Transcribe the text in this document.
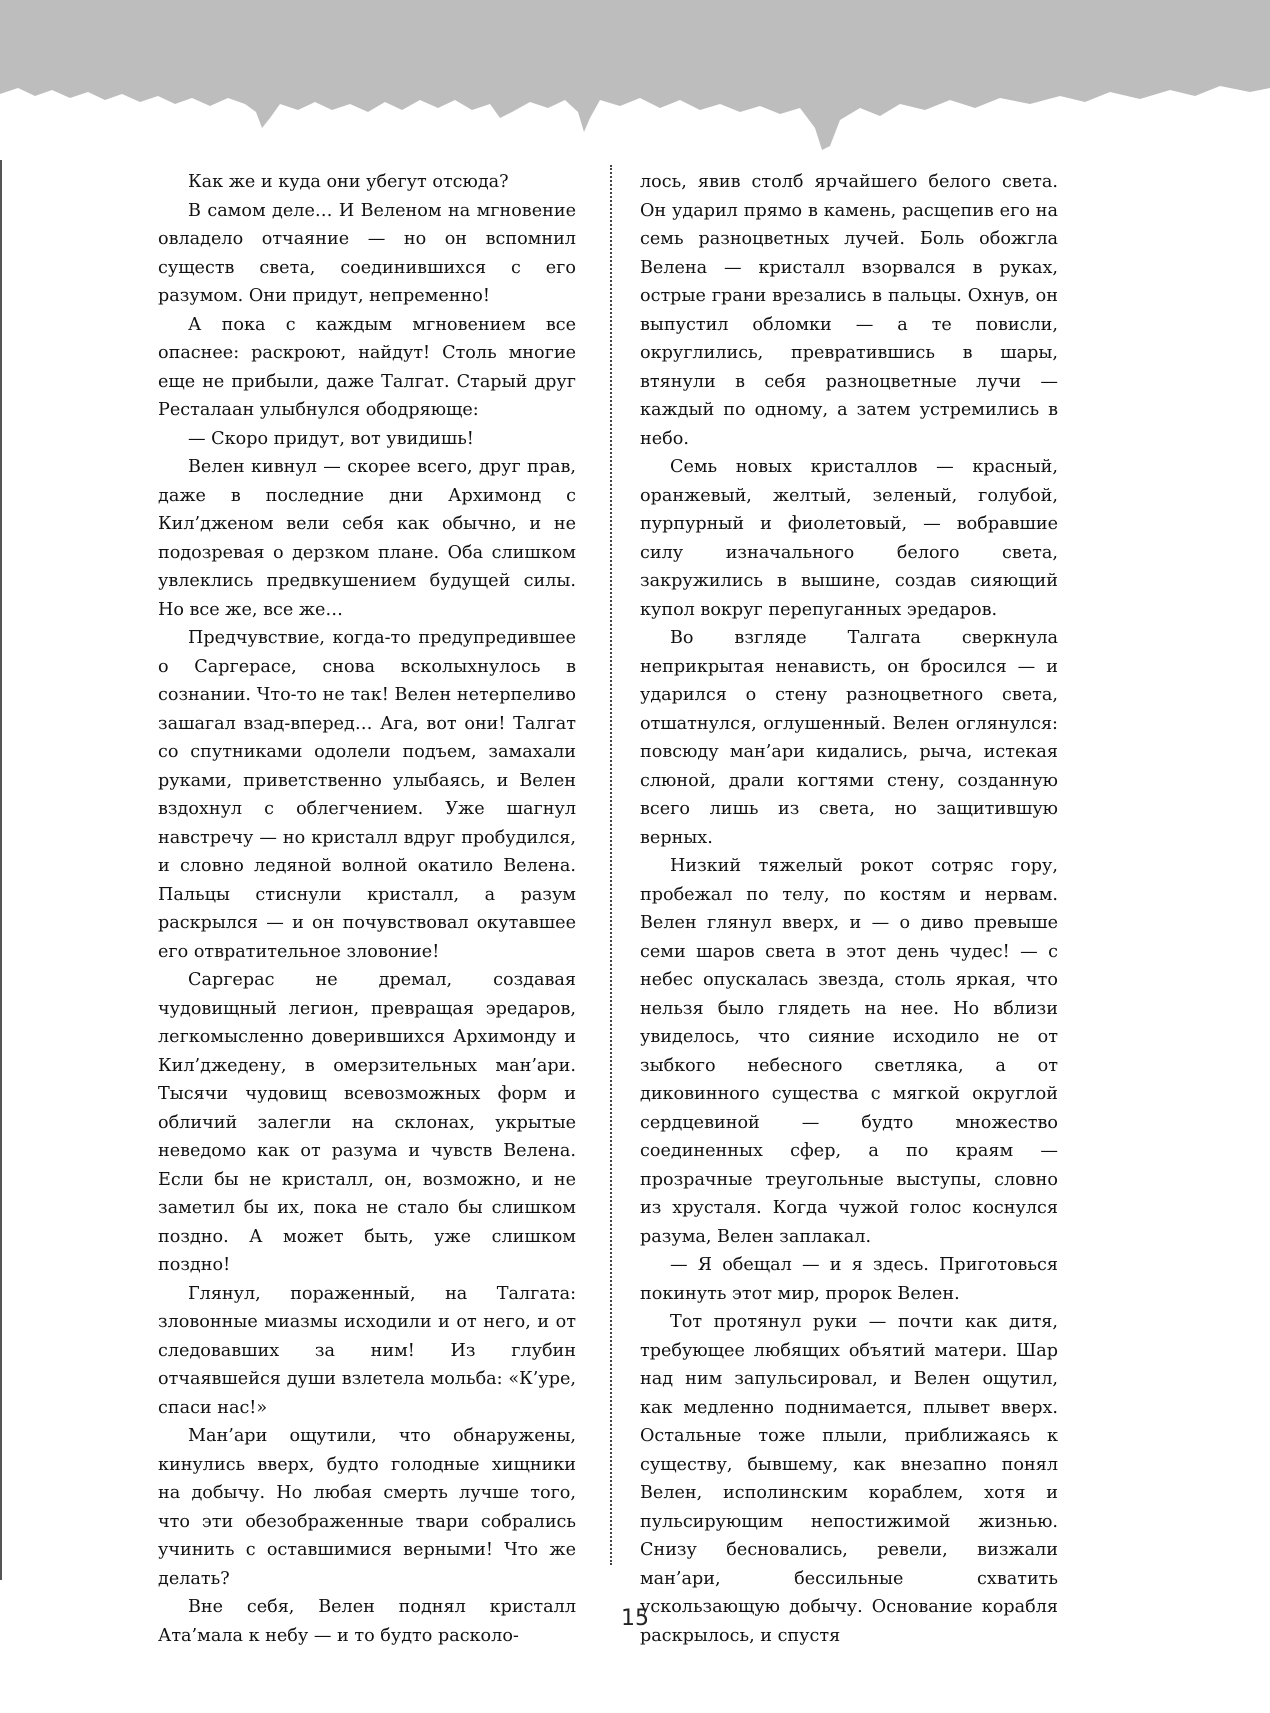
Как же и куда они убегут отсюда?

В самом деле… И Веленом на мгновение овладело отчаяние — но он вспомнил существ света, соединившихся с его разумом. Они придут, непременно!

А пока с каждым мгновением все опаснее: раскроют, найдут! Столь многие еще не прибыли, даже Талгат. Старый друг Ресталаан улыбнулся ободряюще:

— Скоро придут, вот увидишь!

Велен кивнул — скорее всего, друг прав, даже в последние дни Архимонд с Кил’дженом вели себя как обычно, и не подозревая о дерзком плане. Оба слишком увлеклись предвкушением будущей силы. Но все же, все же…

Предчувствие, когда-то предупредившее о Саргерасе, снова всколыхнулось в сознании. Что-то не так! Велен нетерпеливо зашагал взад-вперед… Ага, вот они! Талгат со спутниками одолели подъем, замахали руками, приветственно улыбаясь, и Велен вздохнул с облегчением. Уже шагнул навстречу — но кристалл вдруг пробудился, и словно ледяной волной окатило Велена. Пальцы стиснули кристалл, а разум раскрылся — и он почувствовал окутавшее его отвратительное зловоние!

Саргерас не дремал, создавая чудовищный легион, превращая эредаров, легкомысленно доверившихся Архимонду и Кил’джедену, в омерзительных ман’ари. Тысячи чудовищ всевозможных форм и обличий залегли на склонах, укрытые неведомо как от разума и чувств Велена. Если бы не кристалл, он, возможно, и не заметил бы их, пока не стало бы слишком поздно. А может быть, уже слишком поздно!

Глянул, пораженный, на Талгата: зловонные миазмы исходили и от него, и от следовавших за ним! Из глубин отчаявшейся души взлетела мольба: «К’уре, спаси нас!»

Ман’ари ощутили, что обнаружены, кинулись вверх, будто голодные хищники на добычу. Но любая смерть лучше того, что эти обезображенные твари собрались учинить с оставшимися верными! Что же делать?

Вне себя, Велен поднял кристалл Ата’мала к небу — и то будто расколо-

лось, явив столб ярчайшего белого света. Он ударил прямо в камень, расщепив его на семь разноцветных лучей. Боль обожгла Велена — кристалл взорвался в руках, острые грани врезались в пальцы. Охнув, он выпустил обломки — а те повисли, округлились, превратившись в шары, втянули в себя разноцветные лучи — каждый по одному, а затем устремились в небо.

Семь новых кристаллов — красный, оранжевый, желтый, зеленый, голубой, пурпурный и фиолетовый, — вобравшие силу изначального белого света, закружились в вышине, создав сияющий купол вокруг перепуганных эредаров.

Во взгляде Талгата сверкнула неприкрытая ненависть, он бросился — и ударился о стену разноцветного света, отшатнулся, оглушенный. Велен оглянулся: повсюду ман’ари кидались, рыча, истекая слюной, драли когтями стену, созданную всего лишь из света, но защитившую верных.

Низкий тяжелый рокот сотряс гору, пробежал по телу, по костям и нервам. Велен глянул вверх, и — о диво превыше семи шаров света в этот день чудес! — с небес опускалась звезда, столь яркая, что нельзя было глядеть на нее. Но вблизи увиделось, что сияние исходило не от зыбкого небесного светляка, а от диковинного существа с мягкой округлой сердцевиной — будто множество соединенных сфер, а по краям — прозрачные треугольные выступы, словно из хрусталя. Когда чужой голос коснулся разума, Велен заплакал.

— Я обещал — и я здесь. Приготовься покинуть этот мир, пророк Велен.

Тот протянул руки — почти как дитя, требующее любящих объятий матери. Шар над ним запульсировал, и Велен ощутил, как медленно поднимается, плывет вверх. Остальные тоже плыли, приближаясь к существу, бывшему, как внезапно понял Велен, исполинским кораблем, хотя и пульсирующим непостижимой жизнью. Снизу бесновались, ревели, визжали ман’ари, бессильные схватить ускользающую добычу. Основание корабля раскрылось, и спустя

15
